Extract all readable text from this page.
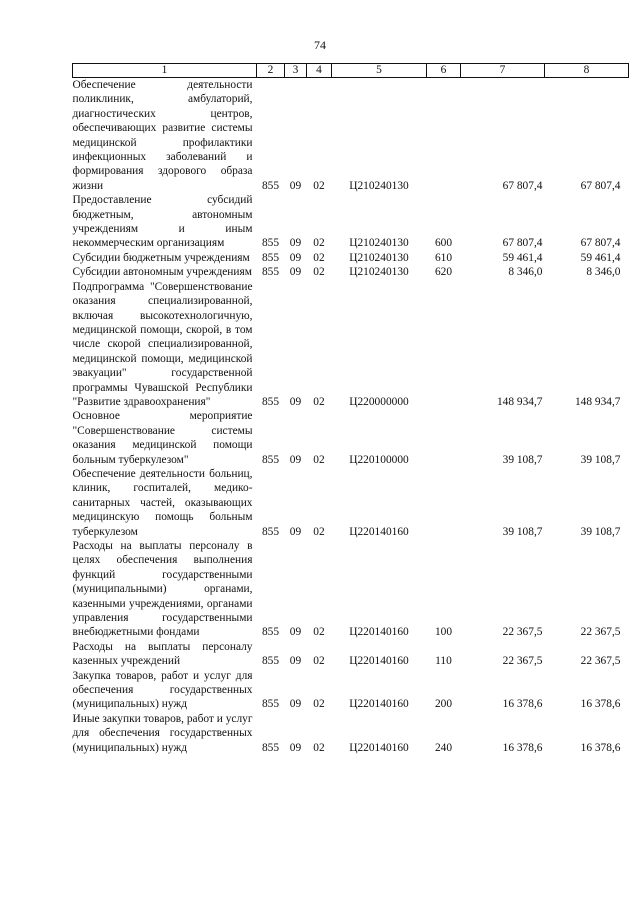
74
1	2	3	4	5	6	7	8
Обеспечение деятельности поликлиник, амбулаторий, диагностических центров, обеспечивающих развитие системы медицинской профилактики инфекционных заболеваний и формирования здорового образа жизни	855	09	02	Ц210240130		67 807,4	67 807,4
Предоставление субсидий бюджетным, автономным учреждениям и иным некоммерческим организациям	855	09	02	Ц210240130	600	67 807,4	67 807,4
Субсидии бюджетным учреждениям	855	09	02	Ц210240130	610	59 461,4	59 461,4
Субсидии автономным учреждениям	855	09	02	Ц210240130	620	8 346,0	8 346,0
Подпрограмма "Совершенствование оказания специализированной, включая высокотехнологичную, медицинской помощи, скорой, в том числе скорой специализированной, медицинской помощи, медицинской эвакуации" государственной программы Чувашской Республики "Развитие здравоохранения"	855	09	02	Ц220000000		148 934,7	148 934,7
Основное мероприятие "Совершенствование системы оказания медицинской помощи больным туберкулезом"	855	09	02	Ц220100000		39 108,7	39 108,7
Обеспечение деятельности больниц, клиник, госпиталей, медико-санитарных частей, оказывающих медицинскую помощь больным туберкулезом	855	09	02	Ц220140160		39 108,7	39 108,7
Расходы на выплаты персоналу в целях обеспечения выполнения функций государственными (муниципальными) органами, казенными учреждениями, органами управления государственными внебюджетными фондами	855	09	02	Ц220140160	100	22 367,5	22 367,5
Расходы на выплаты персоналу казенных учреждений	855	09	02	Ц220140160	110	22 367,5	22 367,5
Закупка товаров, работ и услуг для обеспечения государственных (муниципальных) нужд	855	09	02	Ц220140160	200	16 378,6	16 378,6
Иные закупки товаров, работ и услуг для обеспечения государственных (муниципальных) нужд	855	09	02	Ц220140160	240	16 378,6	16 378,6
